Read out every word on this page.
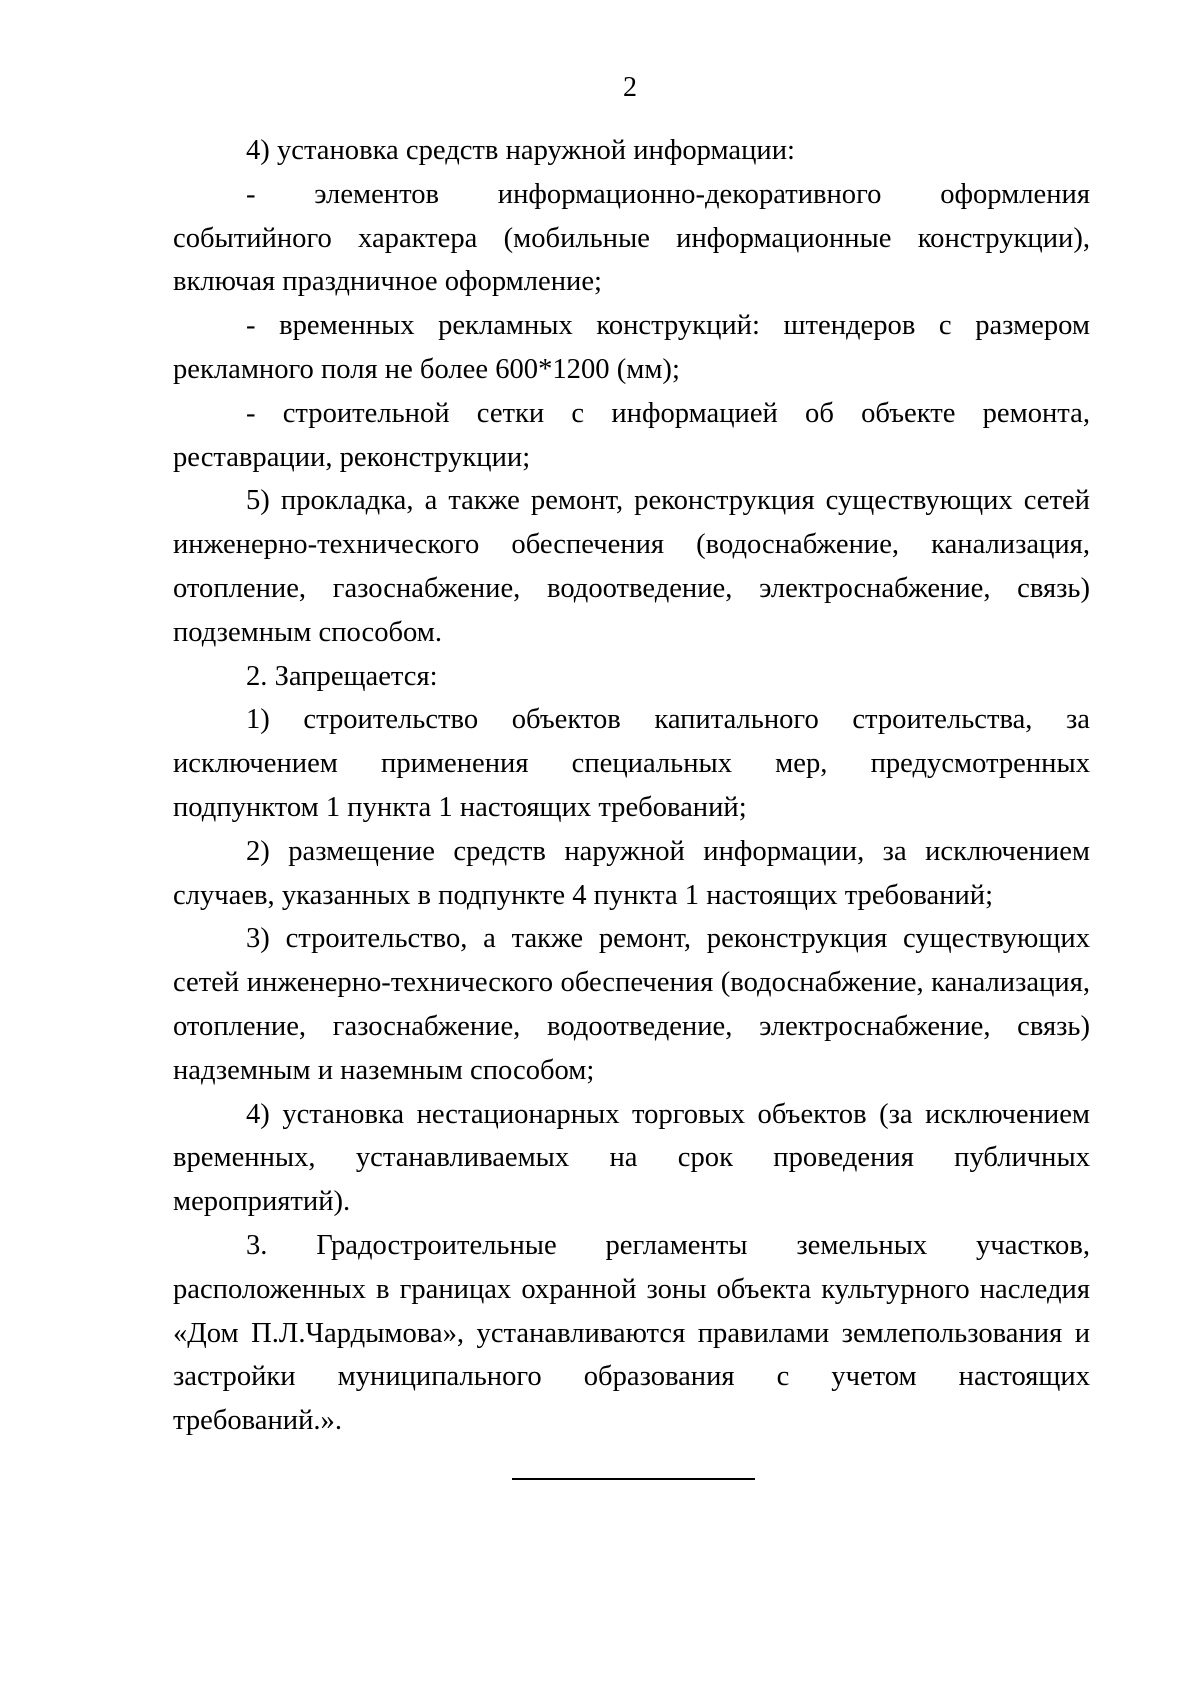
2

4) установка средств наружной информации:

- элементов информационно-декоративного оформления событийного характера (мобильные информационные конструкции), включая праздничное оформление;

- временных рекламных конструкций: штендеров с размером рекламного поля не более 600*1200 (мм);

- строительной сетки с информацией об объекте ремонта, реставрации, реконструкции;

5) прокладка, а также ремонт, реконструкция существующих сетей инженерно-технического обеспечения (водоснабжение, канализация, отопление, газоснабжение, водоотведение, электроснабжение, связь) подземным способом.

2. Запрещается:

1) строительство объектов капитального строительства, за исключением применения специальных мер, предусмотренных подпунктом 1 пункта 1 настоящих требований;

2) размещение средств наружной информации, за исключением случаев, указанных в подпункте 4 пункта 1 настоящих требований;

3) строительство, а также ремонт, реконструкция существующих сетей инженерно-технического обеспечения (водоснабжение, канализация, отопление, газоснабжение, водоотведение, электроснабжение, связь) надземным и наземным способом;

4) установка нестационарных торговых объектов (за исключением временных, устанавливаемых на срок проведения публичных мероприятий).

3. Градостроительные регламенты земельных участков, расположенных в границах охранной зоны объекта культурного наследия «Дом П.Л.Чардымова», устанавливаются правилами землепользования и застройки муниципального образования с учетом настоящих требований.».
